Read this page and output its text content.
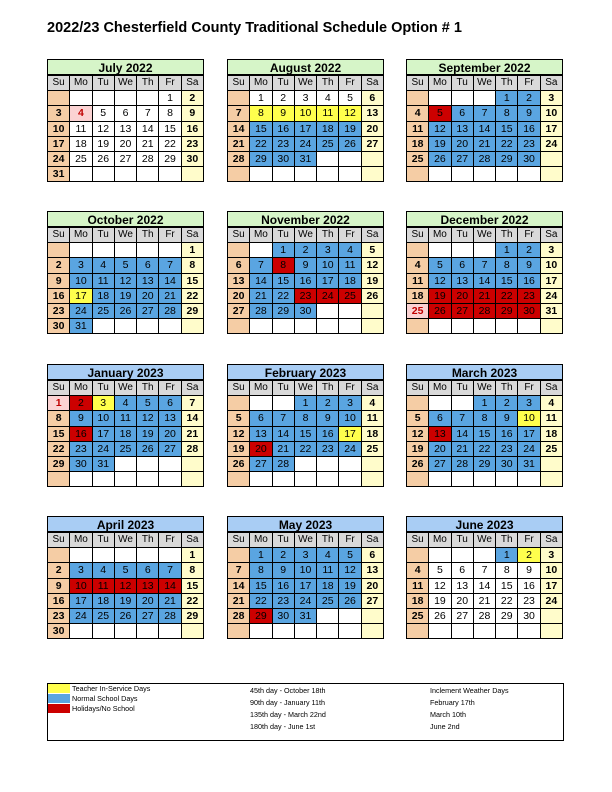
2022/23 Chesterfield County Traditional Schedule Option # 1
July 2022
Su	Mo	Tu	We	Th	Fr	Sa
					1	2
3	4	5	6	7	8	9
10	11	12	13	14	15	16
17	18	19	20	21	22	23
24	25	26	27	28	29	30
31						
August 2022
Su	Mo	Tu	We	Th	Fr	Sa
	1	2	3	4	5	6
7	8	9	10	11	12	13
14	15	16	17	18	19	20
21	22	23	24	25	26	27
28	29	30	31			

September 2022
Su	Mo	Tu	We	Th	Fr	Sa
				1	2	3
4	5	6	7	8	9	10
11	12	13	14	15	16	17
18	19	20	21	22	23	24
25	26	27	28	29	30	

October 2022
Su	Mo	Tu	We	Th	Fr	Sa
						1
2	3	4	5	6	7	8
9	10	11	12	13	14	15
16	17	18	19	20	21	22
23	24	25	26	27	28	29
30	31					
November 2022
Su	Mo	Tu	We	Th	Fr	Sa
		1	2	3	4	5
6	7	8	9	10	11	12
13	14	15	16	17	18	19
20	21	22	23	24	25	26
27	28	29	30			

December 2022
Su	Mo	Tu	We	Th	Fr	Sa
				1	2	3
4	5	6	7	8	9	10
11	12	13	14	15	16	17
18	19	20	21	22	23	24
25	26	27	28	29	30	31

January 2023
Su	Mo	Tu	We	Th	Fr	Sa
1	2	3	4	5	6	7
8	9	10	11	12	13	14
15	16	17	18	19	20	21
22	23	24	25	26	27	28
29	30	31				

February 2023
Su	Mo	Tu	We	Th	Fr	Sa
			1	2	3	4
5	6	7	8	9	10	11
12	13	14	15	16	17	18
19	20	21	22	23	24	25
26	27	28				

March 2023
Su	Mo	Tu	We	Th	Fr	Sa
			1	2	3	4
5	6	7	8	9	10	11
12	13	14	15	16	17	18
19	20	21	22	23	24	25
26	27	28	29	30	31	

April 2023
Su	Mo	Tu	We	Th	Fr	Sa
						1
2	3	4	5	6	7	8
9	10	11	12	13	14	15
16	17	18	19	20	21	22
23	24	25	26	27	28	29
30						
May 2023
Su	Mo	Tu	We	Th	Fr	Sa
	1	2	3	4	5	6
7	8	9	10	11	12	13
14	15	16	17	18	19	20
21	22	23	24	25	26	27
28	29	30	31			

June 2023
Su	Mo	Tu	We	Th	Fr	Sa
				1	2	3
4	5	6	7	8	9	10
11	12	13	14	15	16	17
18	19	20	21	22	23	24
25	26	27	28	29	30	

Teacher In-Service Days
Normal School Days
Holidays/No School
45th day - October 18th
90th day - January 11th
135th day - March 22nd
180th day - June 1st
Inclement Weather Days
February 17th
March 10th
June 2nd
